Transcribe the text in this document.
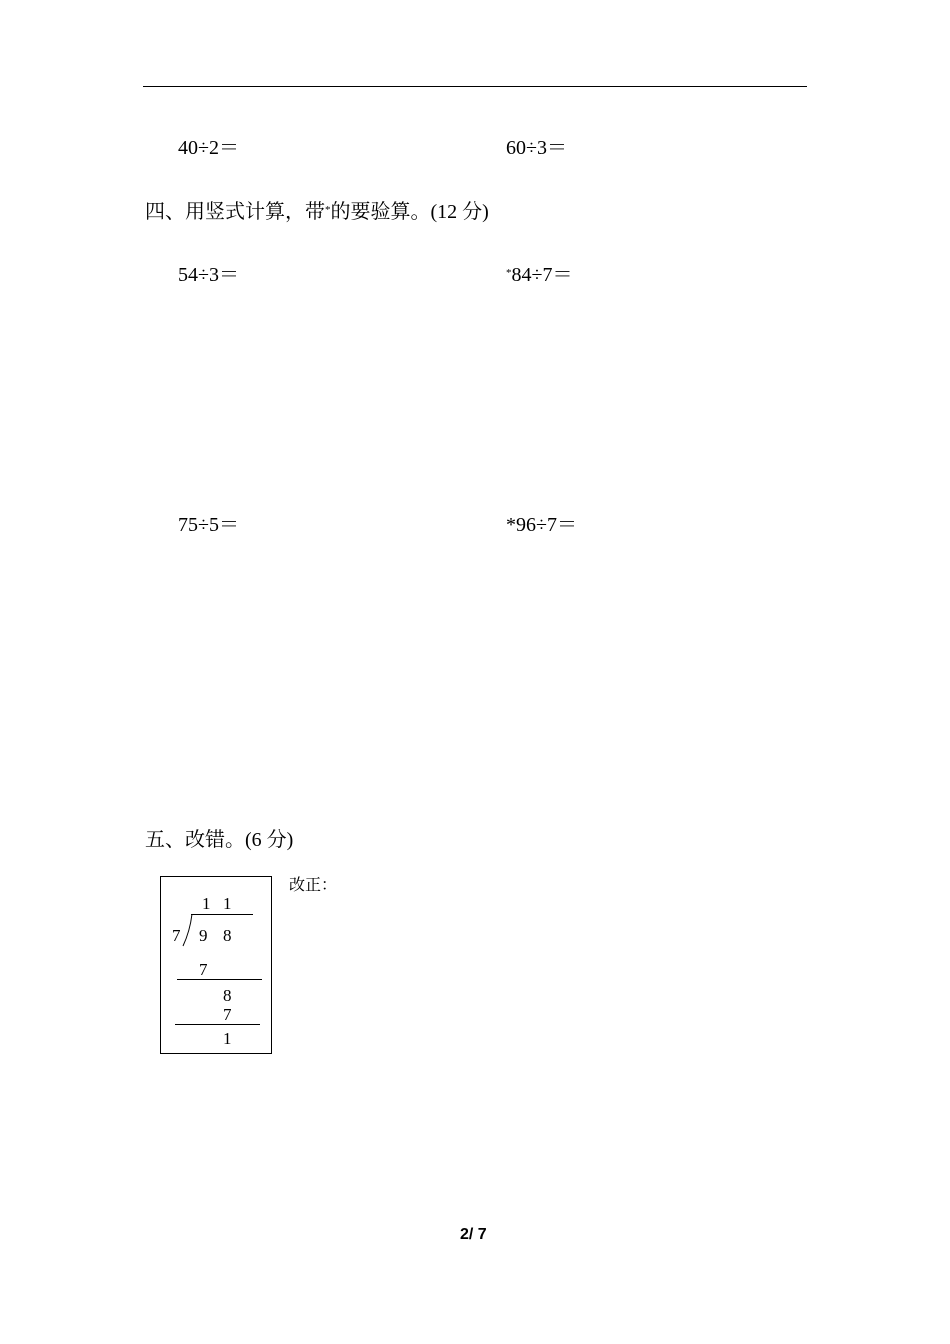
40÷2＝	60÷3＝
四、用竖式计算，带*的要验算。(12 分)
54÷3＝	*84÷7＝
75÷5＝	*96÷7＝
五、改错。(6 分)
1 1
7 9 8
7
8
7
1
改正：
2/ 7
